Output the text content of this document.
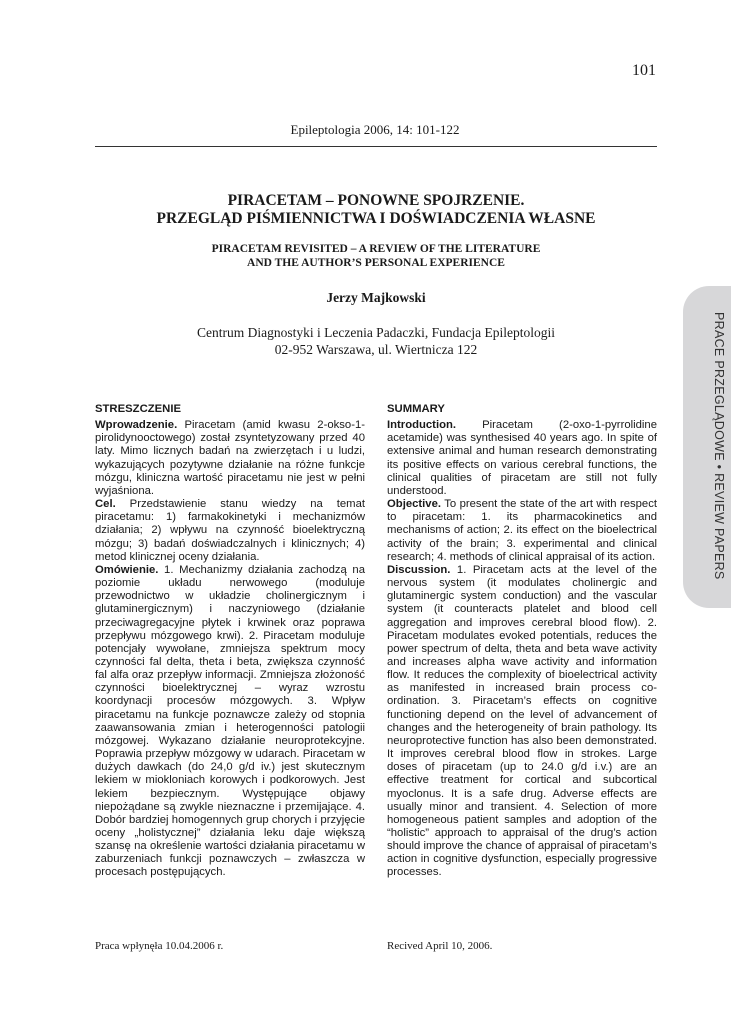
101
Epileptologia 2006, 14: 101-122
PIRACETAM – PONOWNE SPOJRZENIE.
PRZEGLĄD PIŚMIENNICTWA I DOŚWIADCZENIA WŁASNE
PIRACETAM REVISITED – A REVIEW OF THE LITERATURE
AND THE AUTHOR’S PERSONAL EXPERIENCE
Jerzy Majkowski
Centrum Diagnostyki i Leczenia Padaczki, Fundacja Epileptologii
02-952 Warszawa, ul. Wiertnicza 122	PRACE PRZEGLĄDOWE • REVIEW PAPERS
STRESZCZENIE

Wprowadzenie. Piracetam (amid kwasu 2-okso-1-pirolidynooctowego) został zsyntetyzowany przed 40 laty. Mimo licznych badań na zwierzętach i u ludzi, wykazujących pozytywne działanie na różne funkcje mózgu, kliniczna wartość piracetamu nie jest w pełni wyjaśniona.

Cel. Przedstawienie stanu wiedzy na temat piracetamu: 1) farmakokinetyki i mechanizmów działania; 2) wpływu na czynność bioelektryczną mózgu; 3) badań doświadczalnych i klinicznych; 4) metod klinicznej oceny działania.

Omówienie. 1. Mechanizmy działania zachodzą na poziomie układu nerwowego (moduluje przewodnictwo w układzie cholinergicznym i glutaminergicznym) i naczyniowego (działanie przeciwagregacyjne płytek i krwinek oraz poprawa przepływu mózgowego krwi). 2. Piracetam moduluje potencjały wywołane, zmniejsza spektrum mocy czynności fal delta, theta i beta, zwiększa czynność fal alfa oraz przepływ informacji. Zmniejsza złożoność czynności bioelektrycznej – wyraz wzrostu koordynacji procesów mózgowych. 3. Wpływ piracetamu na funkcje poznawcze zależy od stopnia zaawansowania zmian i heterogenności patologii mózgowej. Wykazano działanie neuroprotekcyjne. Poprawia przepływ mózgowy w udarach. Piracetam w dużych dawkach (do 24,0 g/d iv.) jest skutecznym lekiem w miokloniach korowych i podkorowych. Jest lekiem bezpiecznym. Występujące objawy niepożądane są zwykle nieznaczne i przemijające. 4. Dobór bardziej homogennych grup chorych i przyjęcie oceny „holistycznej” działania leku daje większą szansę na określenie wartości działania piracetamu w zaburzeniach funkcji poznawczych – zwłaszcza w procesach postępujących.

SUMMARY

Introduction. Piracetam (2-oxo-1-pyrrolidine acetamide) was synthesised 40 years ago. In spite of extensive animal and human research demonstrating its positive effects on various cerebral functions, the clinical qualities of piracetam are still not fully understood.

Objective. To present the state of the art with respect to piracetam: 1. its pharmacokinetics and mechanisms of action; 2. its effect on the bioelectrical activity of the brain; 3. experimental and clinical research; 4. methods of clinical appraisal of its action.

Discussion. 1. Piracetam acts at the level of the nervous system (it modulates cholinergic and glutaminergic system conduction) and the vascular system (it counteracts platelet and blood cell aggregation and improves cerebral blood flow). 2. Piracetam modulates evoked potentials, reduces the power spectrum of delta, theta and beta wave activity and increases alpha wave activity and information flow. It reduces the complexity of bioelectrical activity as manifested in increased brain process co-ordination. 3. Piracetam’s effects on cognitive functioning depend on the level of advancement of changes and the heterogeneity of brain pathology. Its neuroprotective function has also been demonstrated. It improves cerebral blood flow in strokes. Large doses of piracetam (up to 24.0 g/d i.v.) are an effective treatment for cortical and subcortical myoclonus. It is a safe drug. Adverse effects are usually minor and transient. 4. Selection of more homogeneous patient samples and adoption of the “holistic” approach to appraisal of the drug’s action should improve the chance of appraisal of piracetam’s action in cognitive dysfunction, especially progressive processes.

Praca wpłynęła 10.04.2006 r.	Recived April 10, 2006.
